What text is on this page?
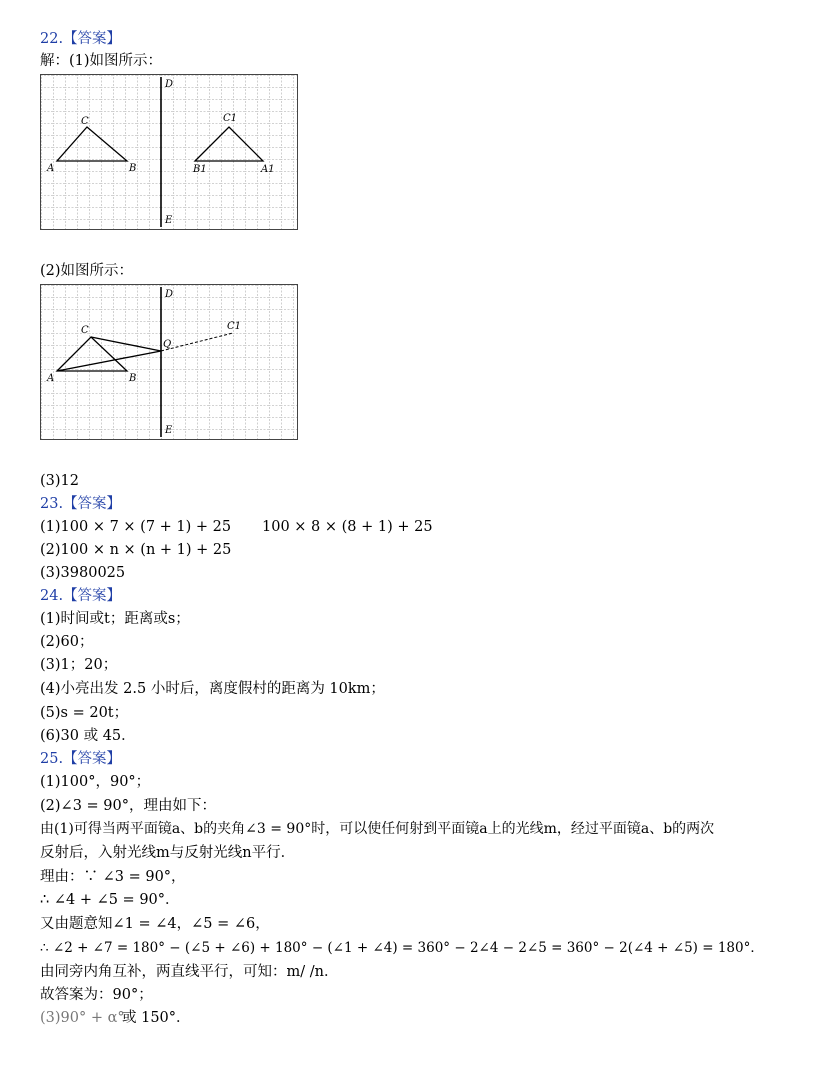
22.【答案】
解：(1)如图所示：
D
E
A	B
C
B1	A1
C1
(2)如图所示：
D
E
A	B
C	C1
Q
(3)12
23.【答案】
(1)100 × 7 × (7 + 1) + 25 100 × 8 × (8 + 1) + 25
(2)100 × n × (n + 1) + 25
(3)3980025
24.【答案】
(1)时间或t；距离或s；
(2)60；
(3)1；20；
(4)小亮出发 2.5 小时后，离度假村的距离为 10km；
(5)s = 20t；
(6)30 或 45．
25.【答案】
(1)100°，90°；
(2)∠3 = 90°，理由如下：
由(1)可得当两平面镜a、b的夹角∠3 = 90°时，可以使任何射到平面镜a上的光线m，经过平面镜a、b的两次
反射后，入射光线m与反射光线n平行．
理由：∵ ∠3 = 90°，
∴ ∠4 + ∠5 = 90°．
又由题意知∠1 = ∠4，∠5 = ∠6，
∴ ∠2 + ∠7 = 180° − (∠5 + ∠6) + 180° − (∠1 + ∠4) = 360° − 2∠4 − 2∠5 = 360° − 2(∠4 + ∠5) = 180°．
由同旁内角互补，两直线平行，可知：m/ /n．
故答案为：90°；
(3)90° + α°
或 150°．
